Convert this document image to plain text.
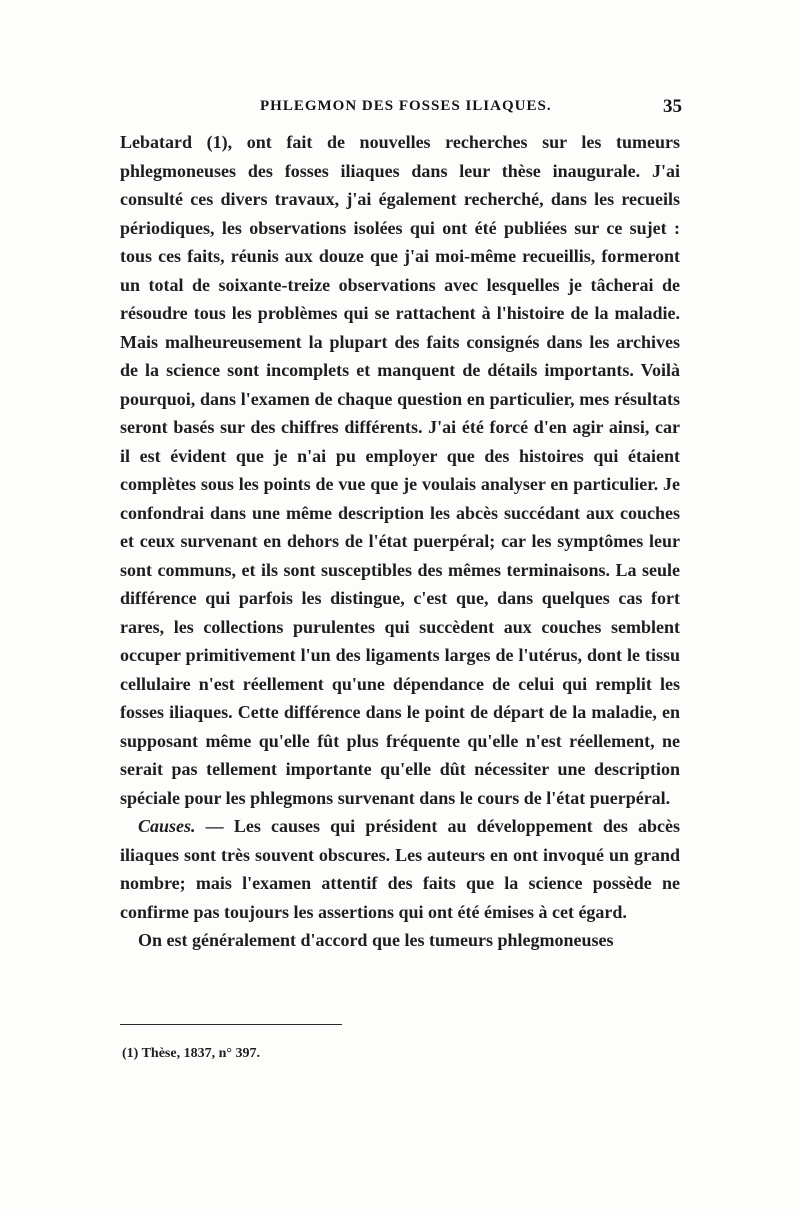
PHLEGMON DES FOSSES ILIAQUES.	35

Lebatard (1), ont fait de nouvelles recherches sur les tumeurs phlegmoneuses des fosses iliaques dans leur thèse inaugurale. J'ai consulté ces divers travaux, j'ai également recherché, dans les recueils périodiques, les observations isolées qui ont été publiées sur ce sujet : tous ces faits, réunis aux douze que j'ai moi-même recueillis, formeront un total de soixante-treize observations avec lesquelles je tâcherai de résoudre tous les problèmes qui se rattachent à l'histoire de la maladie. Mais malheureusement la plupart des faits consignés dans les archives de la science sont incomplets et manquent de détails importants. Voilà pourquoi, dans l'examen de chaque question en particulier, mes résultats seront basés sur des chiffres différents. J'ai été forcé d'en agir ainsi, car il est évident que je n'ai pu employer que des histoires qui étaient complètes sous les points de vue que je voulais analyser en particulier. Je confondrai dans une même description les abcès succédant aux couches et ceux survenant en dehors de l'état puerpéral; car les symptômes leur sont communs, et ils sont susceptibles des mêmes terminaisons. La seule différence qui parfois les distingue, c'est que, dans quelques cas fort rares, les collections purulentes qui succèdent aux couches semblent occuper primitivement l'un des ligaments larges de l'utérus, dont le tissu cellulaire n'est réellement qu'une dépendance de celui qui remplit les fosses iliaques. Cette différence dans le point de départ de la maladie, en supposant même qu'elle fût plus fréquente qu'elle n'est réellement, ne serait pas tellement importante qu'elle dût nécessiter une description spéciale pour les phlegmons survenant dans le cours de l'état puerpéral.

Causes. — Les causes qui président au développement des abcès iliaques sont très souvent obscures. Les auteurs en ont invoqué un grand nombre; mais l'examen attentif des faits que la science possède ne confirme pas toujours les assertions qui ont été émises à cet égard.

On est généralement d'accord que les tumeurs phlegmoneuses

(1) Thèse, 1837, n° 397.
